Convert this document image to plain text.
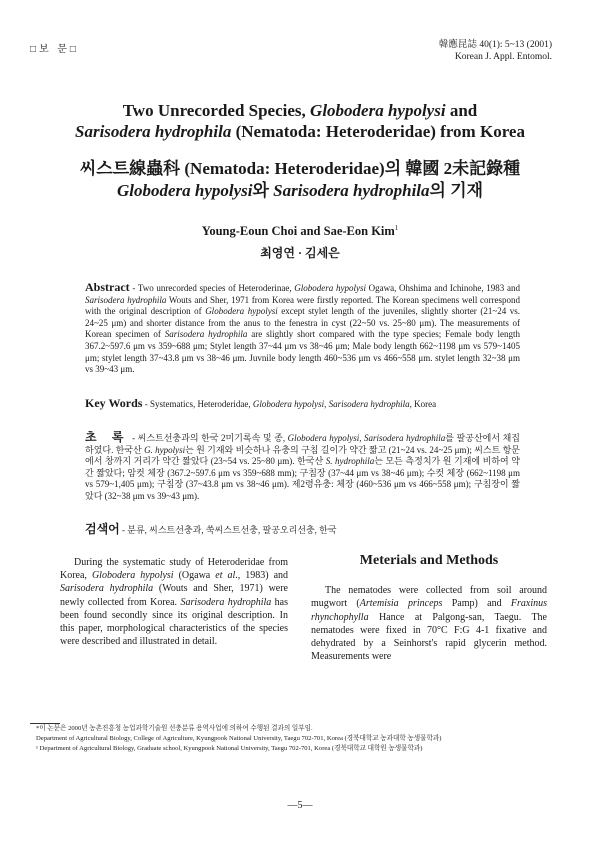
□보 문□	韓應昆誌 40(1): 5~13 (2001)
Korean J. Appl. Entomol.
Two Unrecorded Species, Globodera hypolysi and
Sarisodera hydrophila (Nematoda: Heteroderidae) from Korea
씨스트線蟲科 (Nematoda: Heteroderidae)의 韓國 2未記錄種
Globodera hypolysi와 Sarisodera hydrophila의 기재
Young-Eoun Choi and Sae-Eon Kim$^1$
최영연 · 김세은
Abstract - Two unrecorded species of Heteroderinae, Globodera hypolysi Ogawa, Ohshima and Ichinohe, 1983 and Sarisodera hydrophila Wouts and Sher, 1971 from Korea were firstly reported. The Korean specimens well correspond with the original description of Globodera hypolysi except stylet length of the juveniles, slightly shorter (21~24 vs. 24~25 μm) and shorter distance from the anus to the fenestra in cyst (22~50 vs. 25~80 μm). The measurements of Korean specimen of Sarisodera hydrophila are slightly short compared with the type species; Female body length 367.2~597.6 μm vs 359~688 μm; Stylet length 37~44 μm vs 38~46 μm; Male body length 662~1198 μm vs 579~1405 μm; stylet length 37~43.8 μm vs 38~46 μm. Juvnile body length 460~536 μm vs 466~558 μm. stylet length 32~38 μm vs 39~43 μm.
Key Words - Systematics, Heteroderidae, Globodera hypolysi, Sarisodera hydrophila, Korea
초 록 - 씨스트선충과의 한국 2미기록속 및 종, Globodera hypolysi, Sarisodera hydrophila를 팔공산에서 채집하였다. 한국산 G. hypolysi는 원 기재와 비슷하나 유충의 구침 길이가 약간 짧고 (21~24 vs. 24~25 μm); 씨스트 항문에서 창까지 거리가 약간 짧았다 (23~54 vs. 25~80 μm). 한국산 S. hydrophila는 모든 측정치가 원 기재에 비하여 약간 짧았다; 암컷 체장 (367.2~597.6 μm vs 359~688 mm); 구침장 (37~44 μm vs 38~46 μm); 수컷 체장 (662~1198 μm vs 579~1,405 μm); 구침장 (37~43.8 μm vs 38~46 μm). 제2령유충: 체장 (460~536 μm vs 466~558 μm); 구침장이 짧았다 (32~38 μm vs 39~43 μm).
검색어 - 분류, 씨스트선충과, 쑥씨스트선충, 팔공오리선충, 한국

During the systematic study of Heteroderidae from Korea, Globodera hypolysi (Ogawa et al., 1983) and Sarisodera hydrophila (Wouts and Sher, 1971) were newly collected from Korea. Sarisodera hydrophila has been found secondly since its original description. In this paper, morphological characteristics of the species were described and illustrated in detail.

Meterials and Methods

The nematodes were collected from soil around mugwort (Artemisia princeps Pamp) and Fraxinus rhynchophylla Hance at Palgong-san, Taegu. The nematodes were fixed in 70°C F:G 4-1 fixative and dehydrated by a Seinhorst's rapid glycerin method. Measurements were

*이 논문은 2000년 농촌진흥청 농업과학기술원 선충분류 용역사업에 의하여 수행된 결과의 일부임.
Department of Agricultural Biology, College of Agriculture, Kyungpook National University, Taegu 702-701, Korea (경북대학교 농과대학 농생물학과)
¹ Department of Agricultural Biology, Graduate school, Kyungpook National University, Taegu 702-701, Korea (경북대학교 대학원 농생물학과)
—5—
